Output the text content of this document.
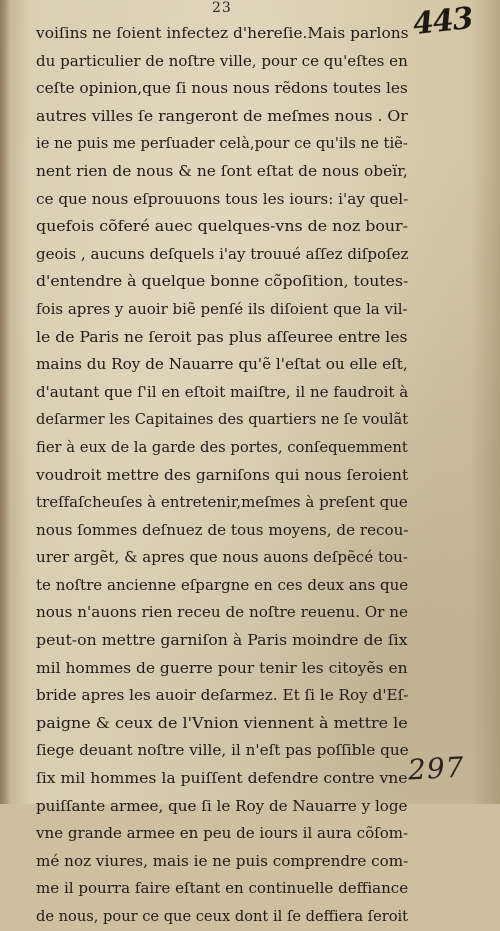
23	443
voiſins ne ſoient infectez d'hereſie.Mais parlons
du particulier de noſtre ville, pour ce qu'eſtes en
ceſte opinion,que ſi nous nous rẽdons toutes les
autres villes ſe rangeront de meſmes nous . Or
ie ne puis me perſuader celà,pour ce qu'ils ne tiẽ-
nent rien de nous & ne ſont eſtat de nous obeïr,
ce que nous eſprouuons tous les iours: i'ay quel-
quefois cõferé auec quelques-vns de noz bour-
geois , aucuns deſquels i'ay trouué aſſez diſpoſez
d'entendre à quelque bonne cõpoſition, toutes-
fois apres y auoir biẽ penſé ils diſoient que la vil-
le de Paris ne ſeroit pas plus aſſeuree entre les
mains du Roy de Nauarre qu'ẽ l'eſtat ou elle eſt,
d'autant que ſ'il en eſtoit maiſtre, il ne faudroit à
deſarmer les Capitaines des quartiers ne ſe voulãt
fier à eux de la garde des portes, conſequemment
voudroit mettre des garniſons qui nous ſeroient
treſfaſcheuſes à entretenir,meſmes à preſent que
nous ſommes deſnuez de tous moyens, de recou-
urer argẽt, & apres que nous auons deſpẽcé tou-
te noſtre ancienne eſpargne en ces deux ans que
nous n'auons rien receu de noſtre reuenu. Or ne
peut-on mettre garniſon à Paris moindre de ſix
mil hommes de guerre pour tenir les citoyẽs en
bride apres les auoir deſarmez. Et ſi le Roy d'Eſ-
paigne & ceux de l'Vnion viennent à mettre le
ſiege deuant noſtre ville, il n'eſt pas poſſible que
ſix mil hommes la puiſſent defendre contre vne
puiſſante armee, que ſi le Roy de Nauarre y loge
vne grande armee en peu de iours il aura cõſom-
mé noz viures, mais ie ne puis comprendre com-
me il pourra faire eſtant en continuelle deffiance
de nous, pour ce que ceux dont il ſe deffiera ſeroit
297
